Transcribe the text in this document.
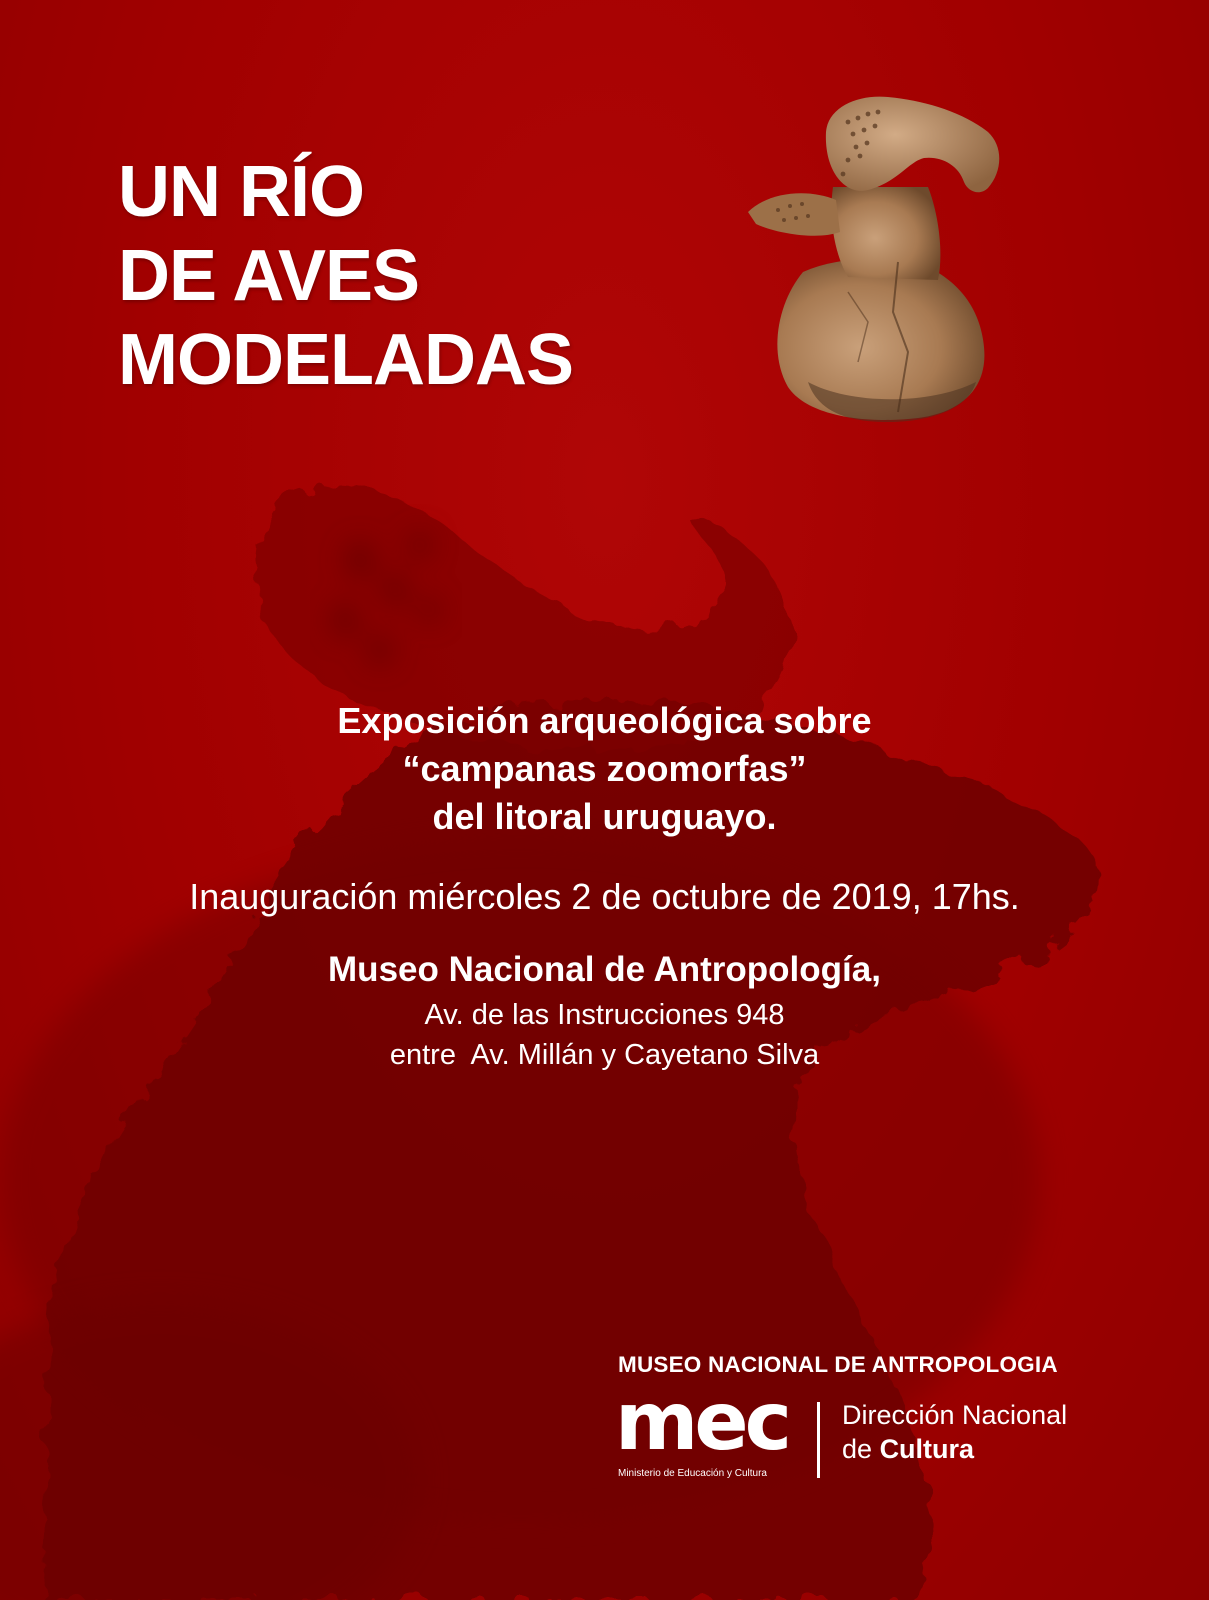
UN RÍO
DE AVES
MODELADAS
Exposición arqueológica sobre
“campanas zoomorfas”
del litoral uruguayo.
Inauguración miércoles 2 de octubre de 2019, 17hs.
Museo Nacional de Antropología,
Av. de las Instrucciones 948
entre  Av. Millán y Cayetano Silva
MUSEO NACIONAL DE ANTROPOLOGIA
mec
Ministerio de Educación y Cultura
Dirección Nacional
de Cultura
